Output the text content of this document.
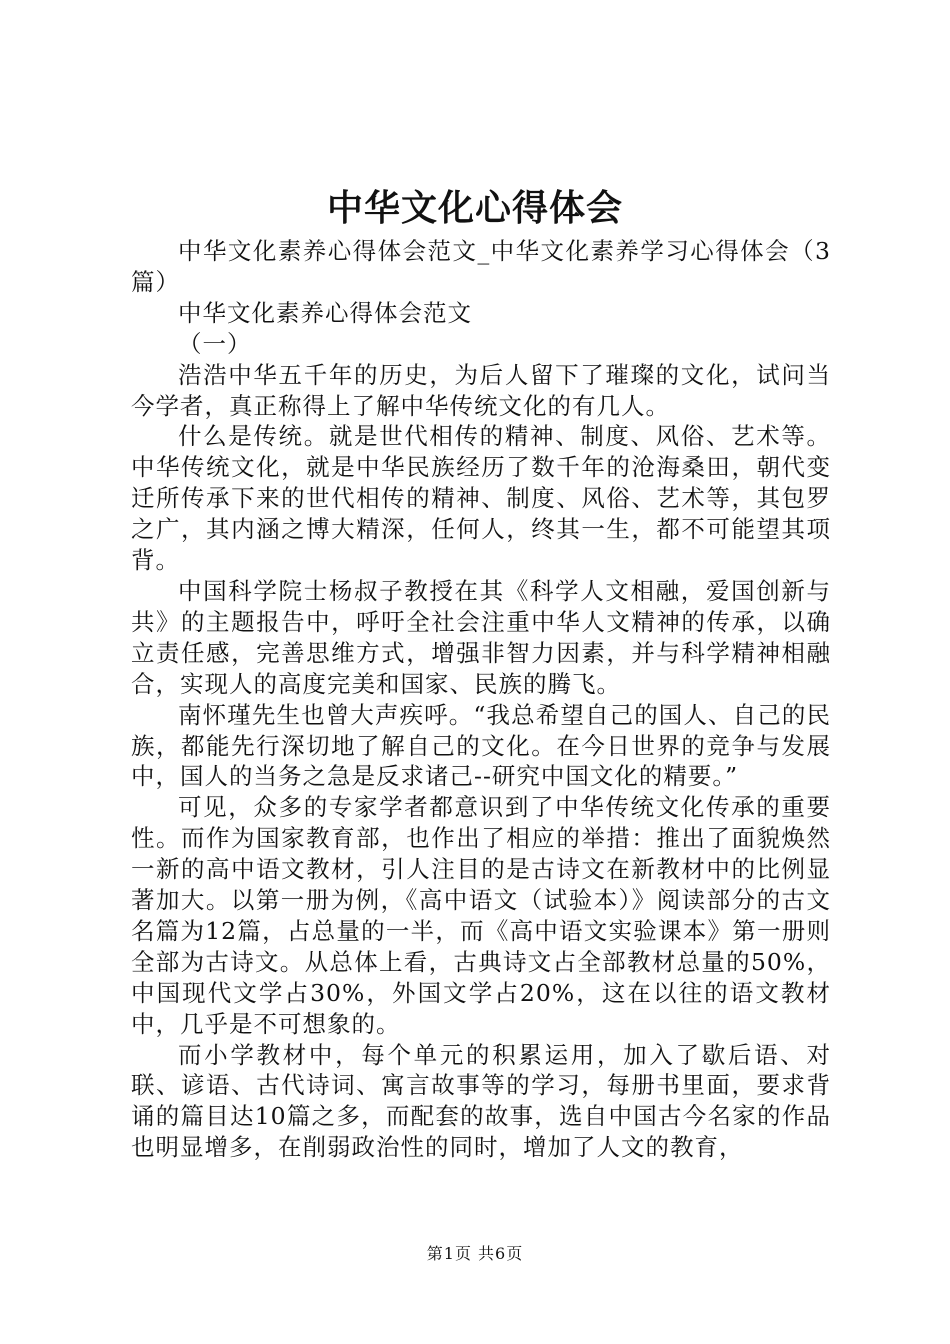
中华文化心得体会

中华文化素养心得体会范文_中华文化素养学习心得体会（3篇）

中华文化素养心得体会范文

（一）

浩浩中华五千年的历史，为后人留下了璀璨的文化，试问当今学者，真正称得上了解中华传统文化的有几人。

什么是传统。就是世代相传的精神、制度、风俗、艺术等。中华传统文化，就是中华民族经历了数千年的沧海桑田，朝代变迁所传承下来的世代相传的精神、制度、风俗、艺术等，其包罗之广，其内涵之博大精深，任何人，终其一生，都不可能望其项背。

中国科学院士杨叔子教授在其《科学人文相融，爱国创新与共》的主题报告中，呼吁全社会注重中华人文精神的传承，以确立责任感，完善思维方式，增强非智力因素，并与科学精神相融合，实现人的高度完美和国家、民族的腾飞。

南怀瑾先生也曾大声疾呼。“我总希望自己的国人、自己的民族，都能先行深切地了解自己的文化。在今日世界的竞争与发展中，国人的当务之急是反求诸己--研究中国文化的精要。”

可见，众多的专家学者都意识到了中华传统文化传承的重要性。而作为国家教育部，也作出了相应的举措：推出了面貌焕然一新的高中语文教材，引人注目的是古诗文在新教材中的比例显著加大。以第一册为例，《高中语文（试验本）》阅读部分的古文名篇为12篇，占总量的一半，而《高中语文实验课本》第一册则全部为古诗文。从总体上看，古典诗文占全部教材总量的50%，中国现代文学占30%，外国文学占20%，这在以往的语文教材中，几乎是不可想象的。

而小学教材中，每个单元的积累运用，加入了歇后语、对联、谚语、古代诗词、寓言故事等的学习，每册书里面，要求背诵的篇目达10篇之多，而配套的故事，选自中国古今名家的作品也明显增多，在削弱政治性的同时，增加了人文的教育，

第1页 共6页
